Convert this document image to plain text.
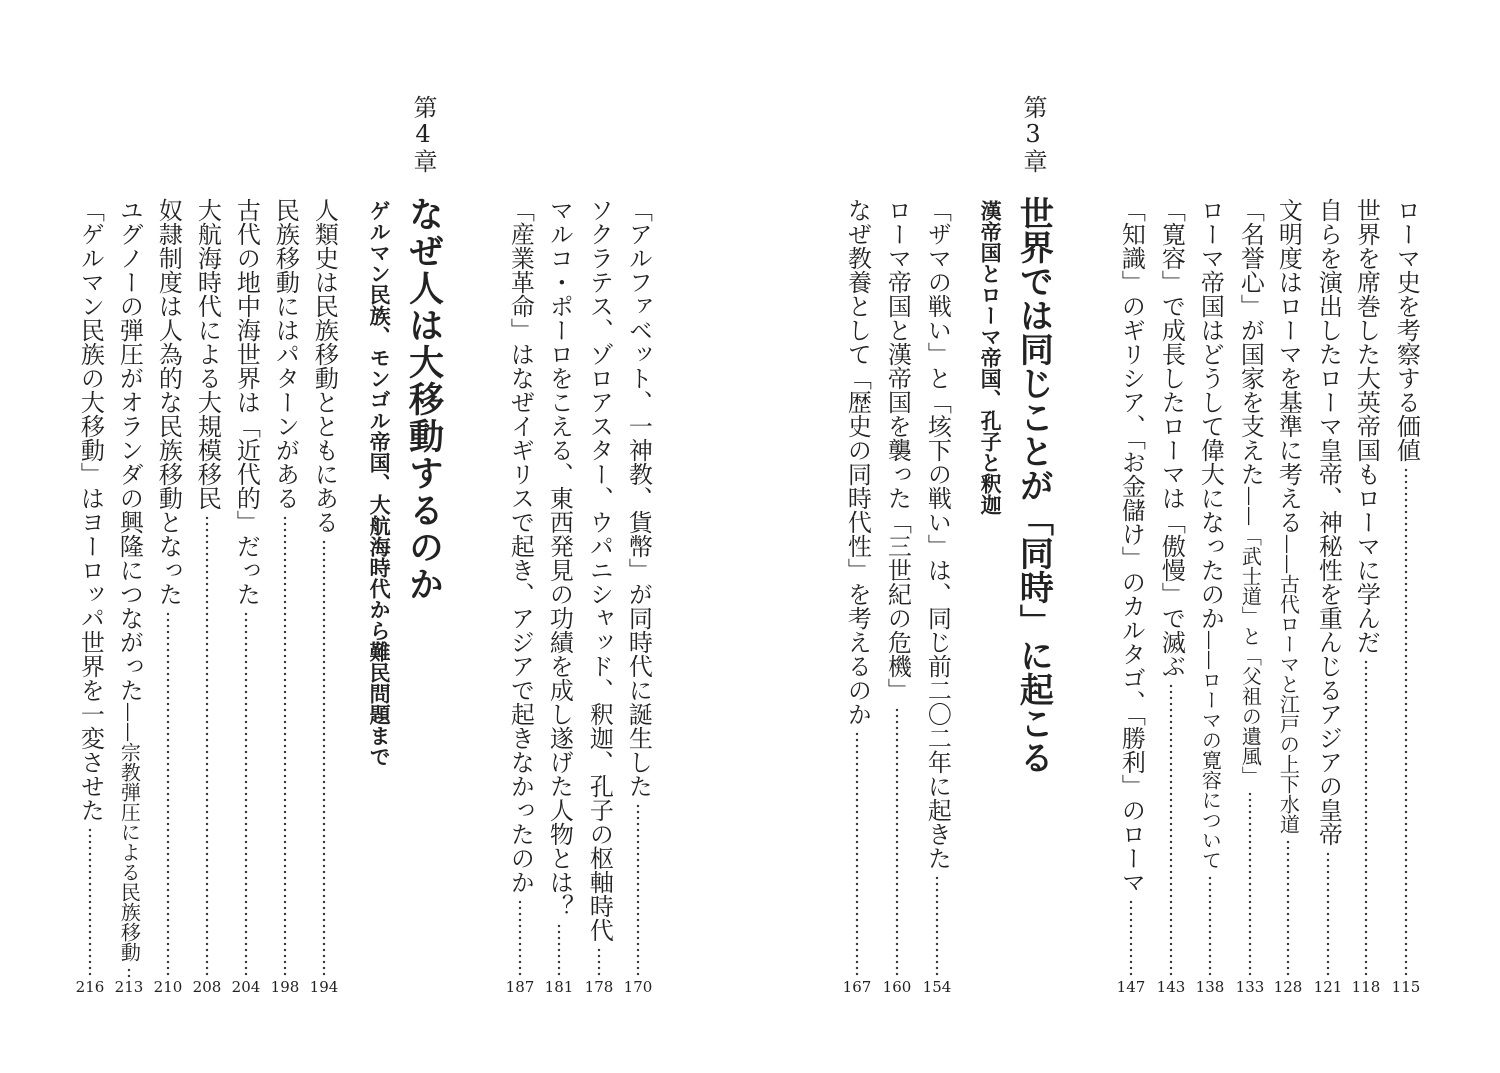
ローマ史を考察する価値
115
世界を席巻した大英帝国もローマに学んだ
118
自らを演出したローマ皇帝、神秘性を重んじるアジアの皇帝
121
文明度はローマを基準に考える——古代ローマと江戸の上下水道
128
「名誉心」が国家を支えた——「武士道」と「父祖の遺風」
133
ローマ帝国はどうして偉大になったのか——ローマの寛容について
138
「寛容」で成長したローマは「傲慢」で滅ぶ
143
「知識」のギリシア、「お金儲け」のカルタゴ、「勝利」のローマ
147
第3章
世界では同じことが「同時」に起こる
漢帝国とローマ帝国、孔子と釈迦
「ザマの戦い」と「垓下の戦い」は、同じ前二〇二年に起きた
154
ローマ帝国と漢帝国を襲った「三世紀の危機」
160
なぜ教養として「歴史の同時代性」を考えるのか
167
「アルファベット、一神教、貨幣」が同時代に誕生した
170
ソクラテス、ゾロアスター、ウパニシャッド、釈迦、孔子の枢軸時代
178
マルコ・ポーロをこえる、東西発見の功績を成し遂げた人物とは？
181
「産業革命」はなぜイギリスで起き、アジアで起きなかったのか
187
第4章
なぜ人は大移動するのか
ゲルマン民族、モンゴル帝国、大航海時代から難民問題まで
人類史は民族移動とともにある
194
民族移動にはパターンがある
198
古代の地中海世界は「近代的」だった
204
大航海時代による大規模移民
208
奴隷制度は人為的な民族移動となった
210
ユグノーの弾圧がオランダの興隆につながった——宗教弾圧による民族移動
213
「ゲルマン民族の大移動」はヨーロッパ世界を一変させた
216
